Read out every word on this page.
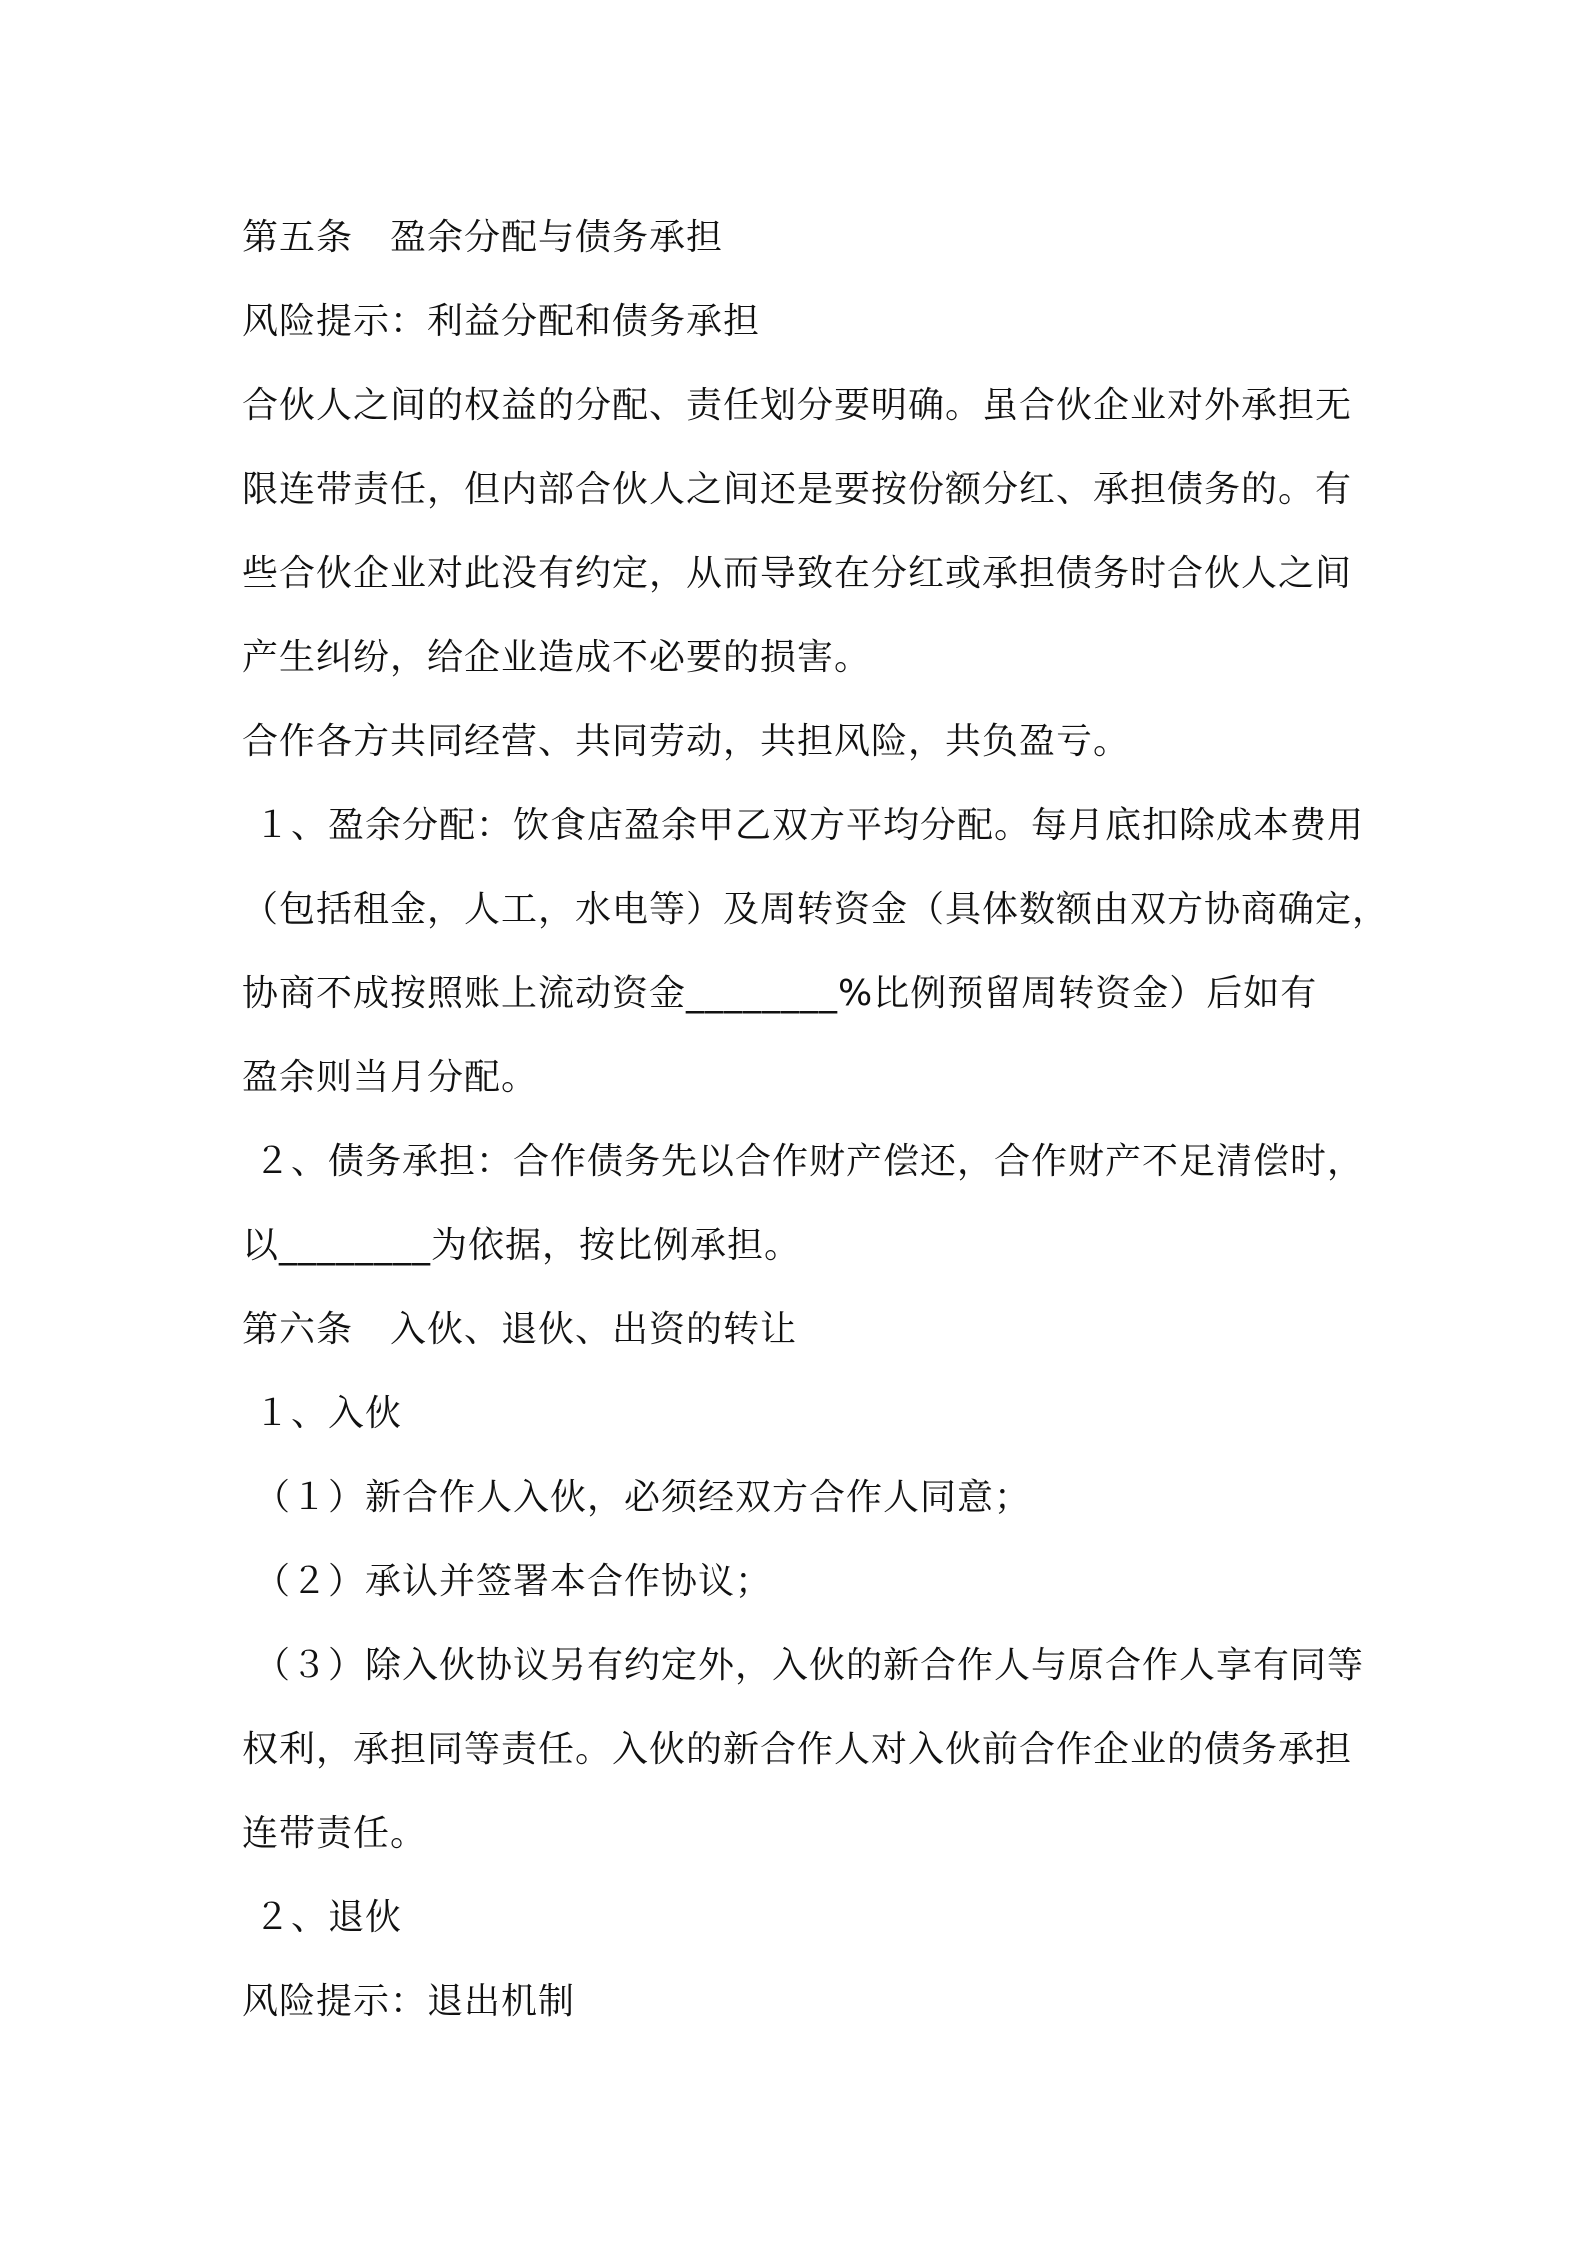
第五条　盈余分配与债务承担
风险提示：利益分配和债务承担
合伙人之间的权益的分配、责任划分要明确。虽合伙企业对外承担无
限连带责任，但内部合伙人之间还是要按份额分红、承担债务的。有
些合伙企业对此没有约定，从而导致在分红或承担债务时合伙人之间
产生纠纷，给企业造成不必要的损害。
合作各方共同经营、共同劳动，共担风险，共负盈亏。
１、盈余分配：饮食店盈余甲乙双方平均分配。每月底扣除成本费用
（包括租金，人工，水电等）及周转资金（具体数额由双方协商确定，
协商不成按照账上流动资金________%比例预留周转资金）后如有
盈余则当月分配。
２、债务承担：合作债务先以合作财产偿还，合作财产不足清偿时，
以________为依据，按比例承担。
第六条　入伙、退伙、出资的转让
１、入伙
（１）新合作人入伙，必须经双方合作人同意；
（２）承认并签署本合作协议；
（３）除入伙协议另有约定外，入伙的新合作人与原合作人享有同等
权利，承担同等责任。入伙的新合作人对入伙前合作企业的债务承担
连带责任。
２、退伙
风险提示：退出机制
